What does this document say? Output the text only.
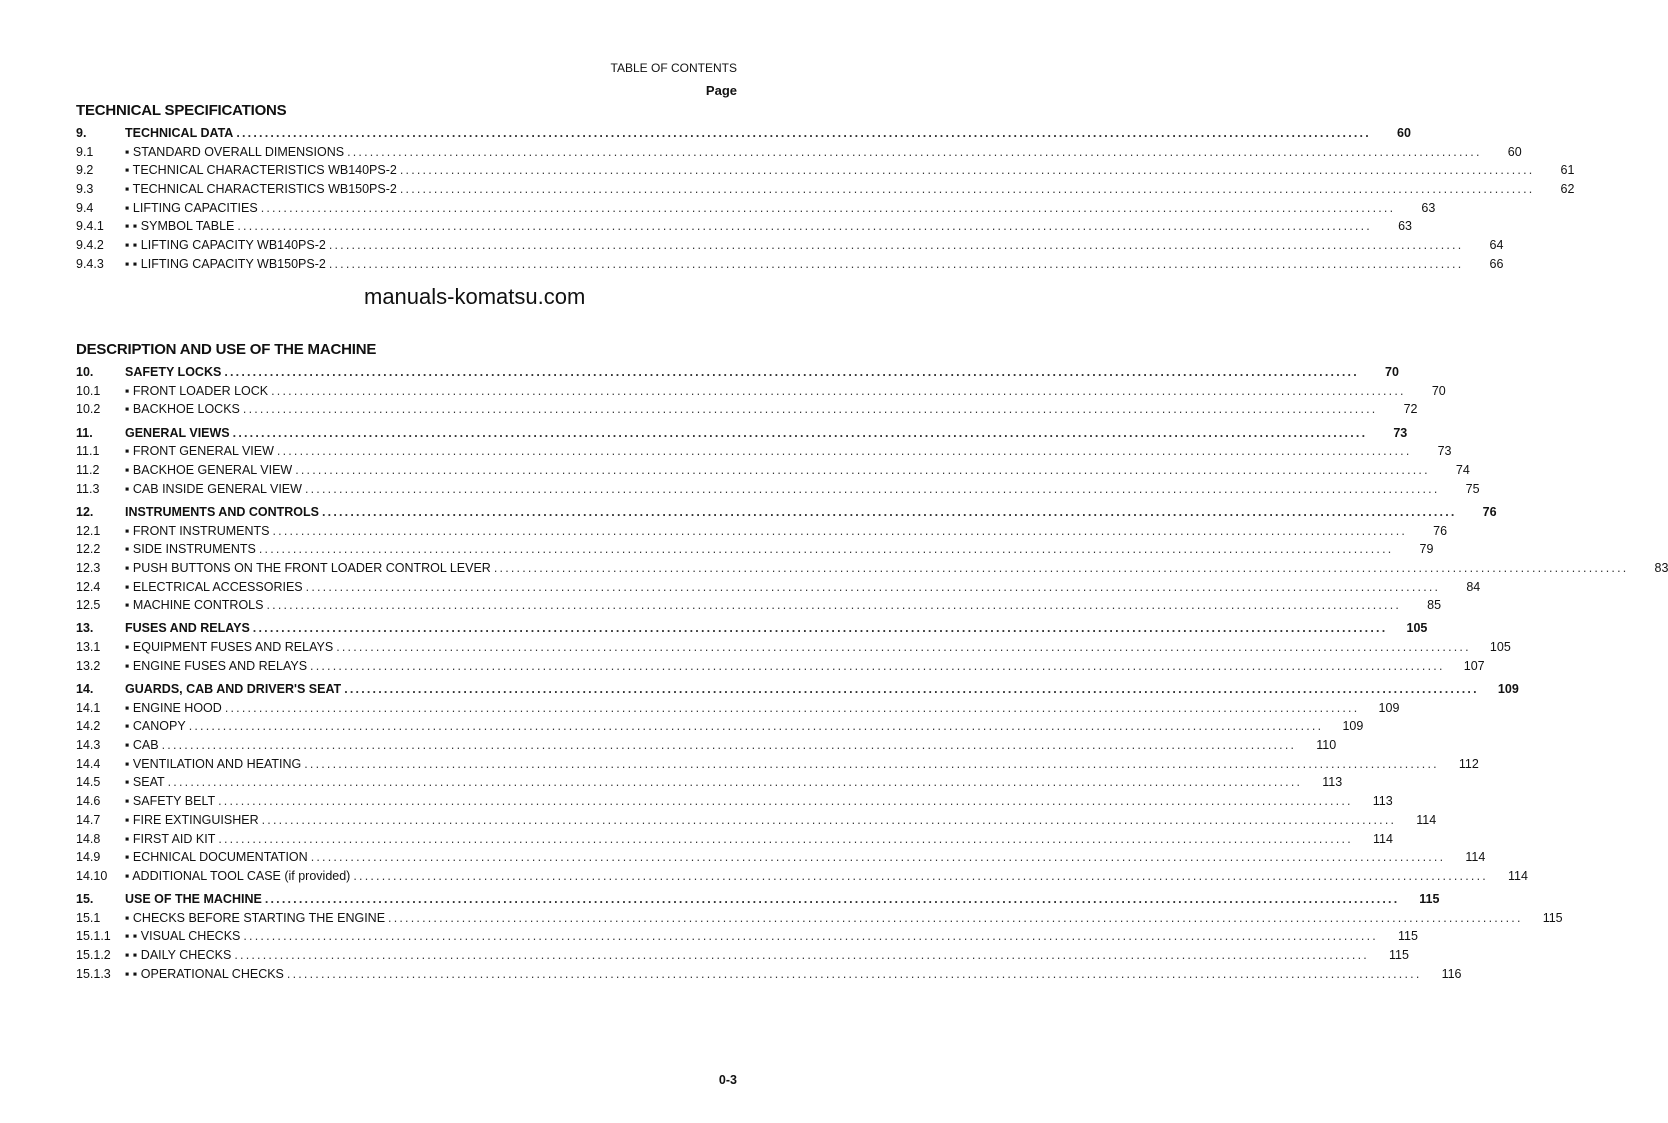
TABLE OF CONTENTS
Page
TECHNICAL SPECIFICATIONS
9.	TECHNICAL DATA ........................................................................................................................................................................................................	60
9.1	▪ STANDARD OVERALL DIMENSIONS ........................................................................................................................................................................................................	60
9.2	▪ TECHNICAL CHARACTERISTICS WB140PS-2 ........................................................................................................................................................................................................	61
9.3	▪ TECHNICAL CHARACTERISTICS WB150PS-2 ........................................................................................................................................................................................................	62
9.4	▪ LIFTING CAPACITIES ........................................................................................................................................................................................................	63
9.4.1	▪ ▪ SYMBOL TABLE ........................................................................................................................................................................................................	63
9.4.2	▪ ▪ LIFTING CAPACITY WB140PS-2 ........................................................................................................................................................................................................	64
9.4.3	▪ ▪ LIFTING CAPACITY WB150PS-2 ........................................................................................................................................................................................................	66
DESCRIPTION AND USE OF THE MACHINE
10.	SAFETY LOCKS ........................................................................................................................................................................................................	70
10.1	▪ FRONT LOADER LOCK ........................................................................................................................................................................................................	70
10.2	▪ BACKHOE LOCKS ........................................................................................................................................................................................................	72
11.	GENERAL VIEWS ........................................................................................................................................................................................................	73
11.1	▪ FRONT GENERAL VIEW ........................................................................................................................................................................................................	73
11.2	▪ BACKHOE GENERAL VIEW ........................................................................................................................................................................................................	74
11.3	▪ CAB INSIDE GENERAL VIEW ........................................................................................................................................................................................................	75
12.	INSTRUMENTS AND CONTROLS ........................................................................................................................................................................................................	76
12.1	▪ FRONT INSTRUMENTS ........................................................................................................................................................................................................	76
12.2	▪ SIDE INSTRUMENTS ........................................................................................................................................................................................................	79
12.3	▪ PUSH BUTTONS ON THE FRONT LOADER CONTROL LEVER ........................................................................................................................................................................................................	83
12.4	▪ ELECTRICAL ACCESSORIES ........................................................................................................................................................................................................	84
12.5	▪ MACHINE CONTROLS ........................................................................................................................................................................................................	85
13.	FUSES AND RELAYS ........................................................................................................................................................................................................	105
13.1	▪ EQUIPMENT FUSES AND RELAYS ........................................................................................................................................................................................................	105
13.2	▪ ENGINE FUSES AND RELAYS ........................................................................................................................................................................................................	107
14.	GUARDS, CAB AND DRIVER'S SEAT ........................................................................................................................................................................................................	109
14.1	▪ ENGINE HOOD ........................................................................................................................................................................................................	109
14.2	▪ CANOPY ........................................................................................................................................................................................................	109
14.3	▪ CAB ........................................................................................................................................................................................................	110
14.4	▪ VENTILATION AND HEATING ........................................................................................................................................................................................................	112
14.5	▪ SEAT ........................................................................................................................................................................................................	113
14.6	▪ SAFETY BELT ........................................................................................................................................................................................................	113
14.7	▪ FIRE EXTINGUISHER ........................................................................................................................................................................................................	114
14.8	▪ FIRST AID KIT ........................................................................................................................................................................................................	114
14.9	▪ ECHNICAL DOCUMENTATION ........................................................................................................................................................................................................	114
14.10	▪ ADDITIONAL TOOL CASE (if provided) ........................................................................................................................................................................................................	114
15.	USE OF THE MACHINE ........................................................................................................................................................................................................	115
15.1	▪ CHECKS BEFORE STARTING THE ENGINE ........................................................................................................................................................................................................	115
15.1.1	▪ ▪ VISUAL CHECKS ........................................................................................................................................................................................................	115
15.1.2	▪ ▪ DAILY CHECKS ........................................................................................................................................................................................................	115
15.1.3	▪ ▪ OPERATIONAL CHECKS ........................................................................................................................................................................................................	116
manuals-komatsu.com
0-3
